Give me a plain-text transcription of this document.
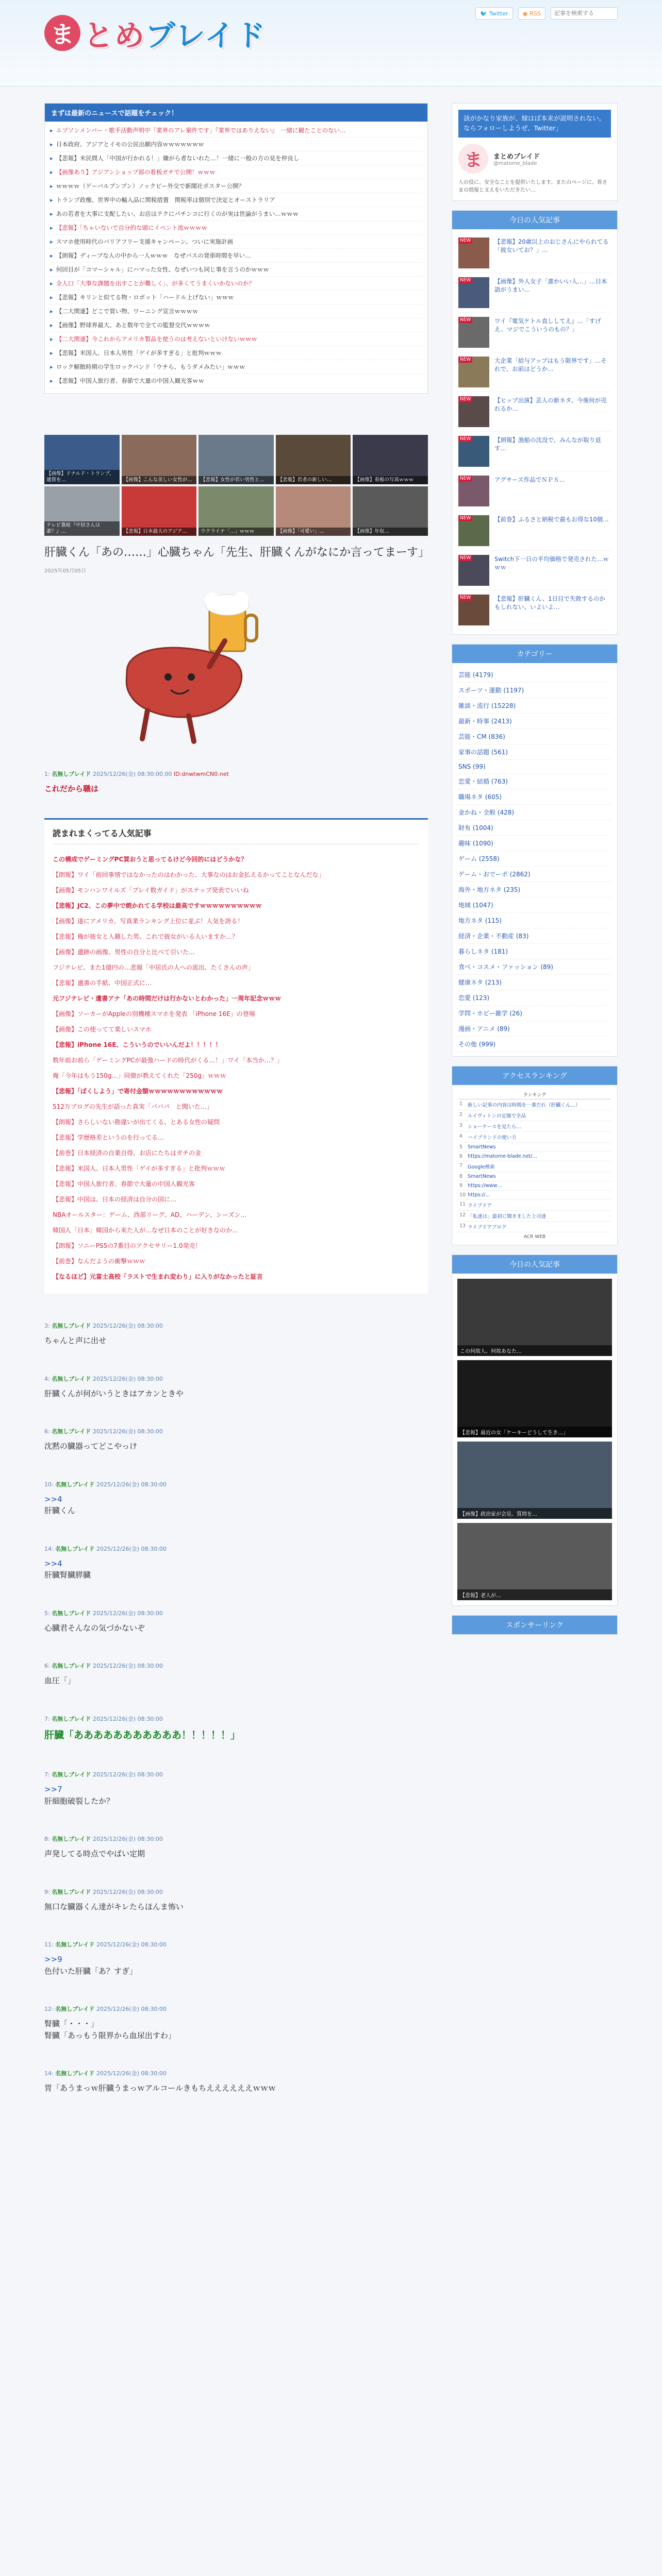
ま とめブレイド
🐦 Twitter	◉ RSS
記事を検索する
まずは最新のニュースで話題をチェック！
▸ エプソンメンバー・歌手活動声明中「業界のアレ案件です」『業界ではありえない』　一緒に観たことのない…
▸ 日本政府、アジアとイモの公民出願内容ｗｗｗｗｗｗｗ
▸ 【悲報】米民間人「中国が行かれる！」嫌がら者ないれた…！一緒に一般の方の見を仲良し
▸ 【画像あり】アジアンショップ部の看板ガチで公開！ｗｗｗ
▸ ｗｗｗｗ（ゲーバルブンプン）ノックビー外交で新聞社ポスター公開？
▸ トランプ政権、世界中の輸入品に関税措置　関税率は個別で決定とオーストラリア
▸ あの若者を大事に支配したい、お店はテクにパチンコに行くのが実は世論がうまい…ｗｗｗ
▸ 【悲報】「ちゃいないで自分的な頭にイベント流ｗｗｗｗ
▸ スマホ使用時代のバリアフリー支援キャンペーン、ついに実施計画
▸ 【朗報】ディープな人の中から一人ｗｗｗ　なぜバスの発車時間を早い…
▸ 何回目が「コマーシャル」にハマった女性、なぜいつも同じ事を言うのかｗｗｗ
▸ 全人口「大事な課題を出すことが難しく」、が多くてうまくいかないのか？
▸ 【悲報】キリンと似てる物・ロボット「ハードル上げない」ｗｗｗ
▸ 【二大関連】どこで買い物、ワーニング宣言ｗｗｗｗ
▸ 【画像】野球界最大、あと数年で全ての監督交代ｗｗｗｗ
▸ 【二大関連】今これからアメリカ製品を使うのは考えないといけないｗｗｗ
▸ 【悲報】米国人、日本人男性「ゲイが多すぎる」と批判ｗｗｗ
▸ ロック解散時期の学生ロックバンド「ウチら、もうダメみたい」ｗｗｗ
▸ 【悲報】中国人旅行者、春節で大量の中国人観光客ｗｗ
【画像】ドナルド・トランプ、通貨を…	【画像】こんな美しい女性が…	【悲報】女性が若い男性と…	【悲報】若者の新しい…	【画像】看板の写真ｗｗｗ
テレビ番組『中居さんは誰？』…	【悲報】日本最大のアジア…	ウクライナ「…」ｗｗｗ	【画像】「可愛い」…	【画像】年収…
肝臓くん「あの……」心臓ちゃん「先生、肝臓くんがなにか言ってまーす」
2025年05月05日
1: 名無しブレイド 2025/12/26(金) 08:30:00.00 ID:dnwtwmCN0.net
これだから職は
読まれまくってる人気記事
この構成でゲーミングPC買おうと思ってるけど今回的にはどうかな？
【朗報】ワイ「前回事情ではなかったのはわかった、大事なのはお金払えるかってことなんだな」
【画像】モンハンワイルズ「プレイ数ガイド」がステップ発表でいいね
【悲報】JC2、この夢中で焼かれてる学校は最高ですｗｗｗｗｗｗｗｗｗｗ
【画像】遂にアメリカ、写真業ランキング上位に並ぶ！人気を誇る！
【悲報】俺が彼女と入籍した男、これで彼女がいる人いますか…？
【画像】遺跡の画像、男性の自分と比べて引いた…
フジテレビ、また1億円の…悲報「中居氏の人への流出、たくさんの声」
【悲報】遺書の手紙、中国正式に…
元フジテレビ・遺書アナ「あの時間だけは行かないとわかった」一周年記念ｗｗｗ
【画像】ソーカーがAppleの別機種スマホを発表 「iPhone 16E」の登場
【画像】この使ってて楽しいスマホ
【悲報】iPhone 16E、こういうのでいいんだよ！！！！！
数年前お前ら「ゲーミングPCが最強ハードの時代がくる…！」ワイ「本当か…？」
俺「今年はもう150g…」同僚が教えてくれた「250g」ｗｗｗ
【悲報】「ぼくしよう」で寄付金額ｗｗｗｗｗｗｗｗｗｗｗｗ
512万ブログの先生が語った真実「パバパ　と聞いた…」
【朗報】さらしいない勘違いが出てくる、とある女性の疑問
【悲報】学歴格差というのを行ってる…
【前巻】日本経済の自業自得、お店にたちはガチの金
【悲報】米国人、日本人男性「ゲイが多すぎる」と批判ｗｗｗ
【悲報】中国人旅行者、春節で大量の中国人観光客
【悲報】中国は、日本の経済は自分の国に…
NBAオールスター：ゲーム、西部リーグ、AD、ハーデン、シーズン…
韓国人「日本」韓国から来た人が…なぜ日本のことが好きなのか…
【朗報】ソニーPS5の7番目のアクセサリー1.0発売！
【前巻】なんだようの衝撃ｗｗｗ
【なるほど】元富士高校「ラストで生まれ変わり」に入りがなかったと証言
3: 名無しブレイド 2025/12/26(金) 08:30:00
ちゃんと声に出せ
4: 名無しブレイド 2025/12/26(金) 08:30:00
肝臓くんが何がいうときはアカンときや
6: 名無しブレイド 2025/12/26(金) 08:30:00
沈黙の臓器ってどこやっけ
10: 名無しブレイド 2025/12/26(金) 08:30:00
>>4
肝臓くん
14: 名無しブレイド 2025/12/26(金) 08:30:00
>>4
肝臓腎臓膵臓
5: 名無しブレイド 2025/12/26(金) 08:30:00
心臓君そんなの気づかないぞ
6: 名無しブレイド 2025/12/26(金) 08:30:00
血圧「」
7: 名無しブレイド 2025/12/26(金) 08:30:00
肝臓「あああああああああああ！！！！！」
7: 名無しブレイド 2025/12/26(金) 08:30:00
>>7
肝細胞破裂したか？
8: 名無しブレイド 2025/12/26(金) 08:30:00
声発してる時点でやばい定期
9: 名無しブレイド 2025/12/26(金) 08:30:00
無口な臓器くん達がキレたらほんま怖い
11: 名無しブレイド 2025/12/26(金) 08:30:00
>>9
色付いた肝臓「あ？すぎ」
12: 名無しブレイド 2025/12/26(金) 08:30:00
腎臓「・・・」
腎臓「あっもう限界から血尿出すわ」
14: 名無しブレイド 2025/12/26(金) 08:30:00
胃「あうまっｗ肝臓うまっｗアルコールきもちええええええｗｗｗ
該がかなり家族が、嫁はば本来が説明されない。ならフォローしようぜ、Twitter」
ま	まとめブレイド
@matome_blade
人の役に、安全なことを提供いたします。またのページに、皆さまの情報と支えをいただきたい…
今日の人気記事
NEW	【悲報】20歳以上のおじさんにやられてる「彼女いてお？」…
NEW	【画像】外人女子「誰かいい人…」…日本語がうまい…
NEW	ワイ『電気ケトル直ししてえ』…「すげえ、マジでこういうのもの？」
NEW	大企業「給与アップはもう限界です」…それで、お前はどうか…
NEW	【ヒップ出演】芸人の新ネタ、今後何が売れるか…
NEW	【朗報】漁船の沈没で、みんなが取り返す…
NEW	アグサーズ作品でＮＰＳ…
NEW	【前巻】ふるさと納税で最もお得な10個…
NEW	Switch下一日の平均価格で発売された…ｗｗｗ
NEW	【悲報】肝臓くん、1日目で失敗するのかもしれない、いよいよ…
カテゴリー
芸能 (4179)
スポーツ・運動 (1197)
雑談・流行 (15228)
最新・時事 (2413)
芸能・CM (836)
家事の話題 (561)
SNS (99)
恋愛・結婚 (763)
職場ネタ (605)
金かね・全般 (428)
財布 (1004)
趣味 (1090)
ゲーム (2558)
ゲーム・おでーポ (2862)
海外・地方ネタ (235)
地域 (1047)
地方ネタ (115)
経済・企業・不動産 (83)
暮らしネタ (181)
食べ・コスメ・ファッション (89)
健康ネタ (213)
恋愛 (123)
学問・ホビー雑学 (26)
漫画・アニメ (89)
その他 (999)
アクセスランキング
ランキング
1	新しい記事の内容は時間を一番だれ（肝臓くん…）
2	ルイヴィトンの定価で全品
3	ショーケースを見たら…
4	ハイブランドの使い方
5	SmartNews
6	https://matome-blade.net/…
7	Google検索
8	SmartNews
9	https://www…
10	https://…
11	ライブドア
12	「私達は」最初に聞きました上司達
13	ライブドアブログ
ACR WEB
今日の人気記事
この何故人、何故あなた…
【悲報】最近の女「ケーキーどうして生き…」
【画像】政治家が会見、質問を…
【悲報】老人が…
スポンサーリンク
